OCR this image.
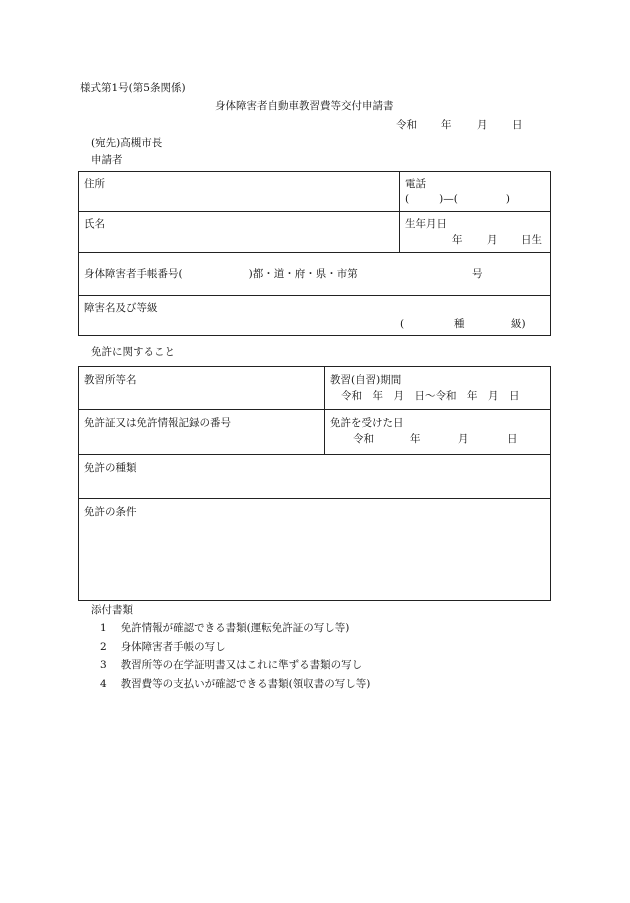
様式第1号(第5条関係)
身体障害者自動車教習費等交付申請書
令和 年 月 日
(宛先)高槻市長
申請者
住所	電話
(	)—(	)
氏名	生年月日
年 月 日生
身体障害者手帳番号(	)都・道・府・県・市第	号
障害名及び等級
(	種	級)
免許に関すること
教習所等名	教習(自習)期間
令和　年　月　日～令和　年　月　日
免許証又は免許情報記録の番号	免許を受けた日
令和	年	月	日
免許の種類
免許の条件
添付書類
1 免許情報が確認できる書類(運転免許証の写し等)
2 身体障害者手帳の写し
3 教習所等の在学証明書又はこれに準ずる書類の写し
4 教習費等の支払いが確認できる書類(領収書の写し等)
